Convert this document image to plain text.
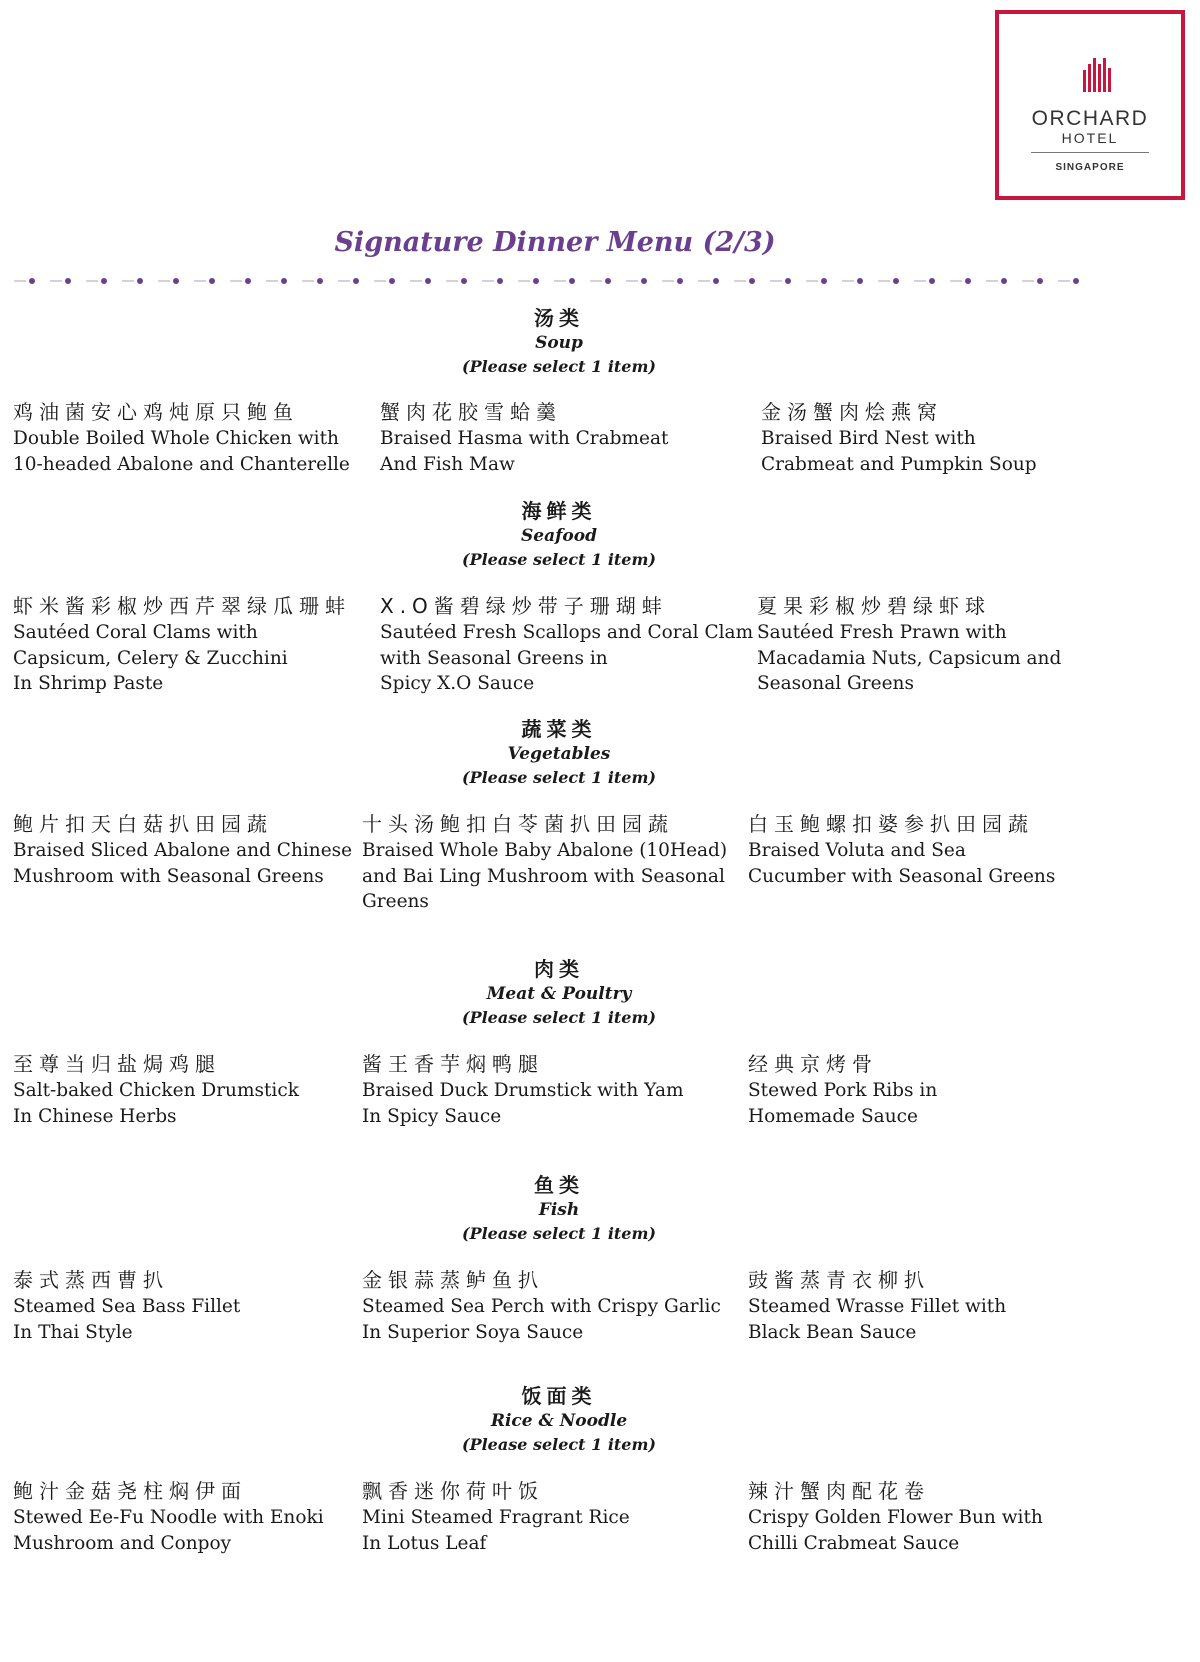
ORCHARD
HOTEL
SINGAPORE
Signature Dinner Menu (2/3)
汤类
Soup
(Please select 1 item)
鸡油菌安心鸡炖原只鲍鱼
Double Boiled Whole Chicken with
10-headed Abalone and Chanterelle
蟹肉花胶雪蛤羹
Braised Hasma with Crabmeat
And Fish Maw
金汤蟹肉烩燕窝
Braised Bird Nest with
Crabmeat and Pumpkin Soup
海鲜类
Seafood
(Please select 1 item)
虾米酱彩椒炒西芹翠绿瓜珊蚌
Sautéed Coral Clams with
Capsicum, Celery & Zucchini
In Shrimp Paste
X.O酱碧绿炒带子珊瑚蚌
Sautéed Fresh Scallops and Coral Clam
with Seasonal Greens in
Spicy X.O Sauce
夏果彩椒炒碧绿虾球
Sautéed Fresh Prawn with
Macadamia Nuts, Capsicum and
Seasonal Greens
蔬菜类
Vegetables
(Please select 1 item)
鲍片扣天白菇扒田园蔬
Braised Sliced Abalone and Chinese
Mushroom with Seasonal Greens
十头汤鲍扣白苓菌扒田园蔬
Braised Whole Baby Abalone (10Head)
and Bai Ling Mushroom with Seasonal
Greens
白玉鲍螺扣婆参扒田园蔬
Braised Voluta and Sea
Cucumber with Seasonal Greens
肉类
Meat & Poultry
(Please select 1 item)
至尊当归盐焗鸡腿
Salt-baked Chicken Drumstick
In Chinese Herbs
酱王香芋焖鸭腿
Braised Duck Drumstick with Yam
In Spicy Sauce
经典京烤骨
Stewed Pork Ribs in
Homemade Sauce
鱼类
Fish
(Please select 1 item)
泰式蒸西曹扒
Steamed Sea Bass Fillet
In Thai Style
金银蒜蒸鲈鱼扒
Steamed Sea Perch with Crispy Garlic
In Superior Soya Sauce
豉酱蒸青衣柳扒
Steamed Wrasse Fillet with
Black Bean Sauce
饭面类
Rice & Noodle
(Please select 1 item)
鲍汁金菇尧柱焖伊面
Stewed Ee-Fu Noodle with Enoki
Mushroom and Conpoy
飘香迷你荷叶饭
Mini Steamed Fragrant Rice
In Lotus Leaf
辣汁蟹肉配花卷
Crispy Golden Flower Bun with
Chilli Crabmeat Sauce
